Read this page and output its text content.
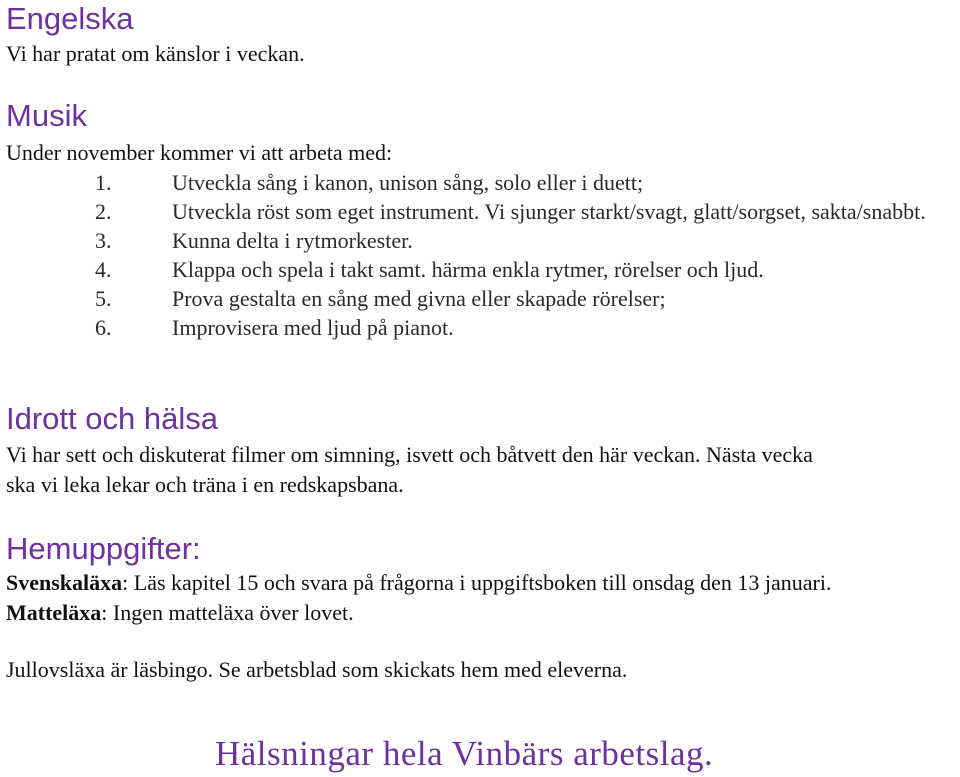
Engelska

Vi har pratat om känslor i veckan.

Musik

Under november kommer vi att arbeta med:

1.	Utveckla sång i kanon, unison sång, solo eller i duett;
2.	Utveckla röst som eget instrument. Vi sjunger starkt/svagt, glatt/sorgset, sakta/snabbt.
3.	Kunna delta i rytmorkester.
4.	Klappa och spela i takt samt. härma enkla rytmer, rörelser och ljud.
5.	Prova gestalta en sång med givna eller skapade rörelser;
6.	Improvisera med ljud på pianot.
Idrott och hälsa

Vi har sett och diskuterat filmer om simning, isvett och båtvett den här veckan. Nästa vecka

ska vi leka lekar och träna i en redskapsbana.

Hemuppgifter:

Svenskaläxa: Läs kapitel 15 och svara på frågorna i uppgiftsboken till onsdag den 13 januari.

Matteläxa: Ingen matteläxa över lovet.

Jullovsläxa är läsbingo. Se arbetsblad som skickats hem med eleverna.

Hälsningar hela Vinbärs arbetslag.
